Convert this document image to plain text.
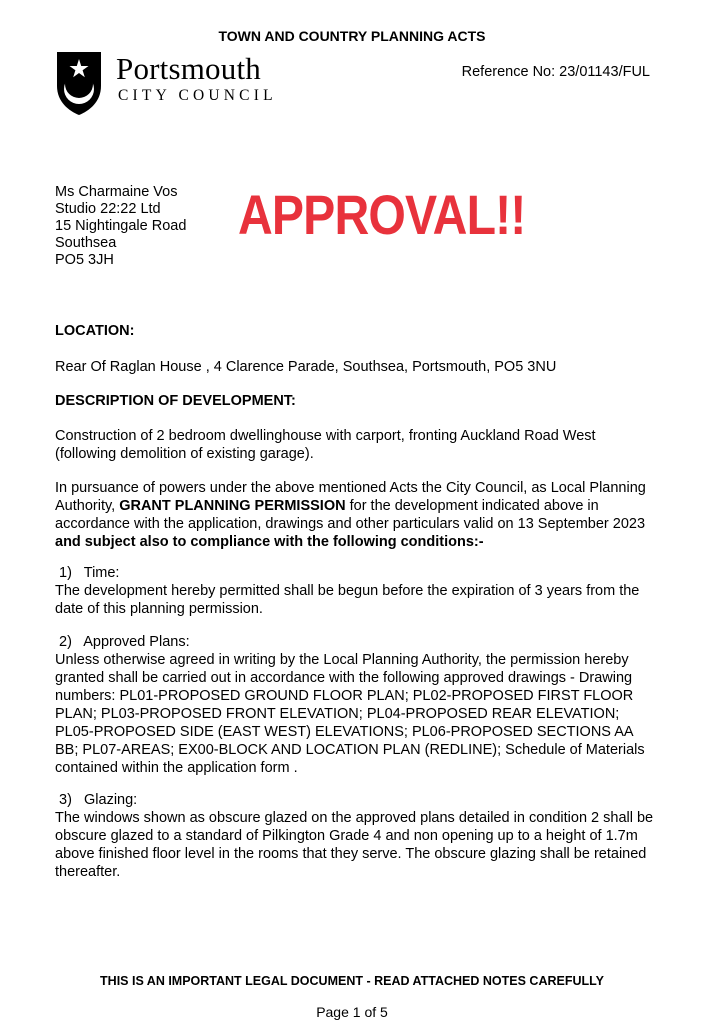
TOWN AND COUNTRY PLANNING ACTS
Portsmouth
CITY COUNCIL
Reference No: 23/01143/FUL
Ms Charmaine Vos
Studio 22:22 Ltd
15 Nightingale Road
Southsea
PO5 3JH
APPROVAL!!
LOCATION:
Rear Of Raglan House , 4 Clarence Parade, Southsea, Portsmouth, PO5 3NU
DESCRIPTION OF DEVELOPMENT:
Construction of 2 bedroom dwellinghouse with carport, fronting Auckland Road West (following demolition of existing garage).
In pursuance of powers under the above mentioned Acts the City Council, as Local Planning Authority, GRANT PLANNING PERMISSION for the development indicated above in accordance with the application, drawings and other particulars valid on 13 September 2023 and subject also to compliance with the following conditions:-
1)   Time:
The development hereby permitted shall be begun before the expiration of 3 years from the date of this planning permission.
2)   Approved Plans:
Unless otherwise agreed in writing by the Local Planning Authority, the permission hereby granted shall be carried out in accordance with the following approved drawings - Drawing numbers: PL01-PROPOSED GROUND FLOOR PLAN; PL02-PROPOSED FIRST FLOOR PLAN; PL03-PROPOSED FRONT ELEVATION; PL04-PROPOSED REAR ELEVATION; PL05-PROPOSED SIDE (EAST WEST) ELEVATIONS; PL06-PROPOSED SECTIONS AA BB; PL07-AREAS; EX00-BLOCK AND LOCATION PLAN (REDLINE); Schedule of Materials contained within the application form .
3)   Glazing:
The windows shown as obscure glazed on the approved plans detailed in condition 2 shall be obscure glazed to a standard of Pilkington Grade 4 and non opening up to a height of 1.7m above finished floor level in the rooms that they serve. The obscure glazing shall be retained thereafter.
THIS IS AN IMPORTANT LEGAL DOCUMENT - READ ATTACHED NOTES CAREFULLY
Page 1 of 5
